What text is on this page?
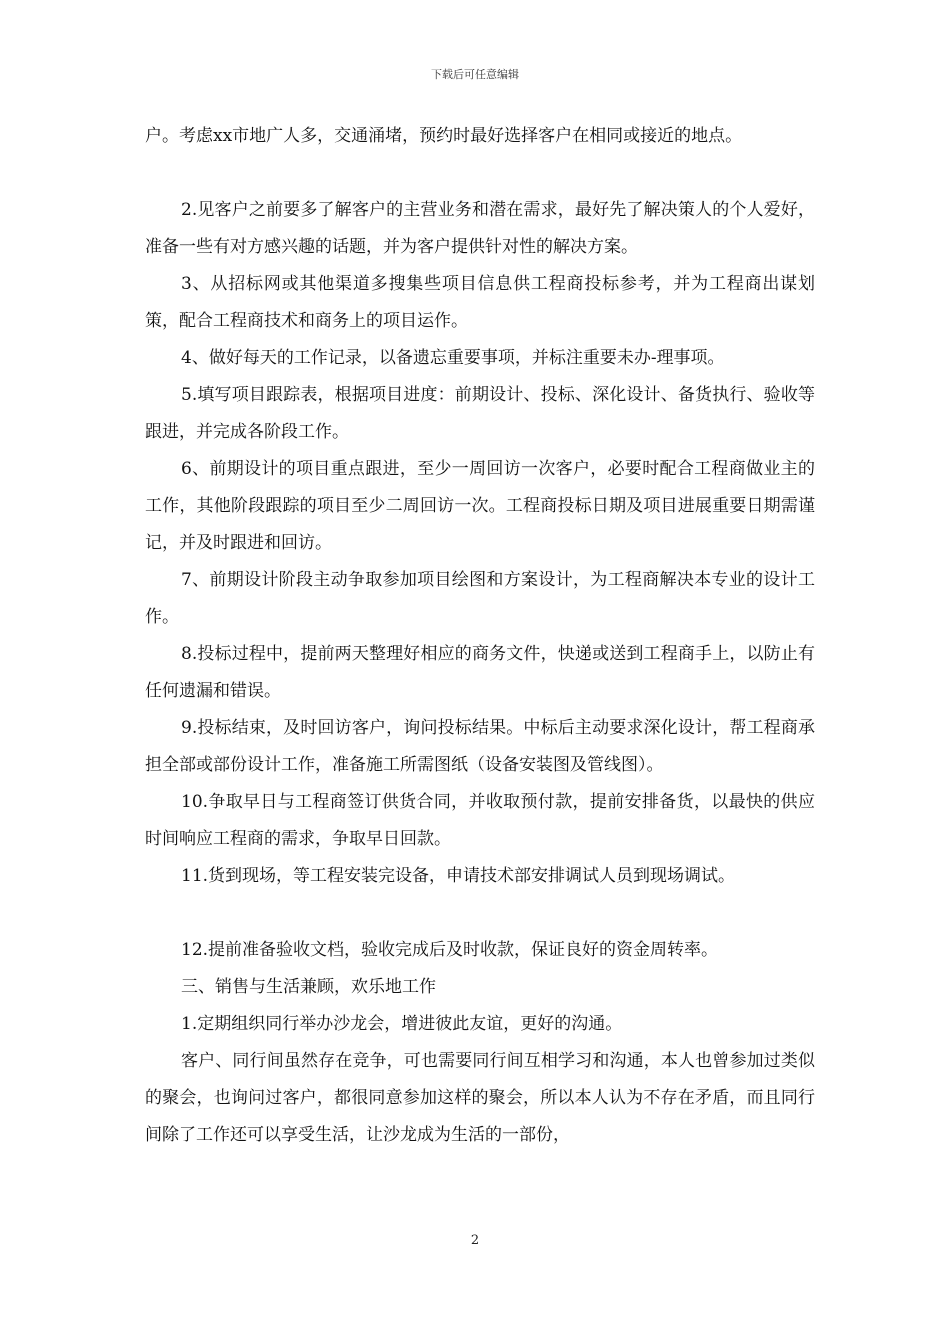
下载后可任意编辑

户。考虑xx市地广人多，交通涌堵，预约时最好选择客户在相同或接近的地点。

2.见客户之前要多了解客户的主营业务和潜在需求，最好先了解决策人的个人爱好，准备一些有对方感兴趣的话题，并为客户提供针对性的解决方案。

3、从招标网或其他渠道多搜集些项目信息供工程商投标参考，并为工程商出谋划策，配合工程商技术和商务上的项目运作。

4、做好每天的工作记录，以备遗忘重要事项，并标注重要未办-理事项。

5.填写项目跟踪表，根据项目进度：前期设计、投标、深化设计、备货执行、验收等跟进，并完成各阶段工作。

6、前期设计的项目重点跟进，至少一周回访一次客户，必要时配合工程商做业主的工作，其他阶段跟踪的项目至少二周回访一次。工程商投标日期及项目进展重要日期需谨记，并及时跟进和回访。

7、前期设计阶段主动争取参加项目绘图和方案设计，为工程商解决本专业的设计工作。

8.投标过程中，提前两天整理好相应的商务文件，快递或送到工程商手上，以防止有任何遗漏和错误。

9.投标结束，及时回访客户，询问投标结果。中标后主动要求深化设计，帮工程商承担全部或部份设计工作，准备施工所需图纸（设备安装图及管线图）。

10.争取早日与工程商签订供货合同，并收取预付款，提前安排备货，以最快的供应时间响应工程商的需求，争取早日回款。

11.货到现场，等工程安装完设备，申请技术部安排调试人员到现场调试。

12.提前准备验收文档，验收完成后及时收款，保证良好的资金周转率。

三、销售与生活兼顾，欢乐地工作

1.定期组织同行举办沙龙会，增进彼此友谊，更好的沟通。

客户、同行间虽然存在竞争，可也需要同行间互相学习和沟通，本人也曾参加过类似的聚会，也询问过客户，都很同意参加这样的聚会，所以本人认为不存在矛盾，而且同行间除了工作还可以享受生活，让沙龙成为生活的一部份，

2
